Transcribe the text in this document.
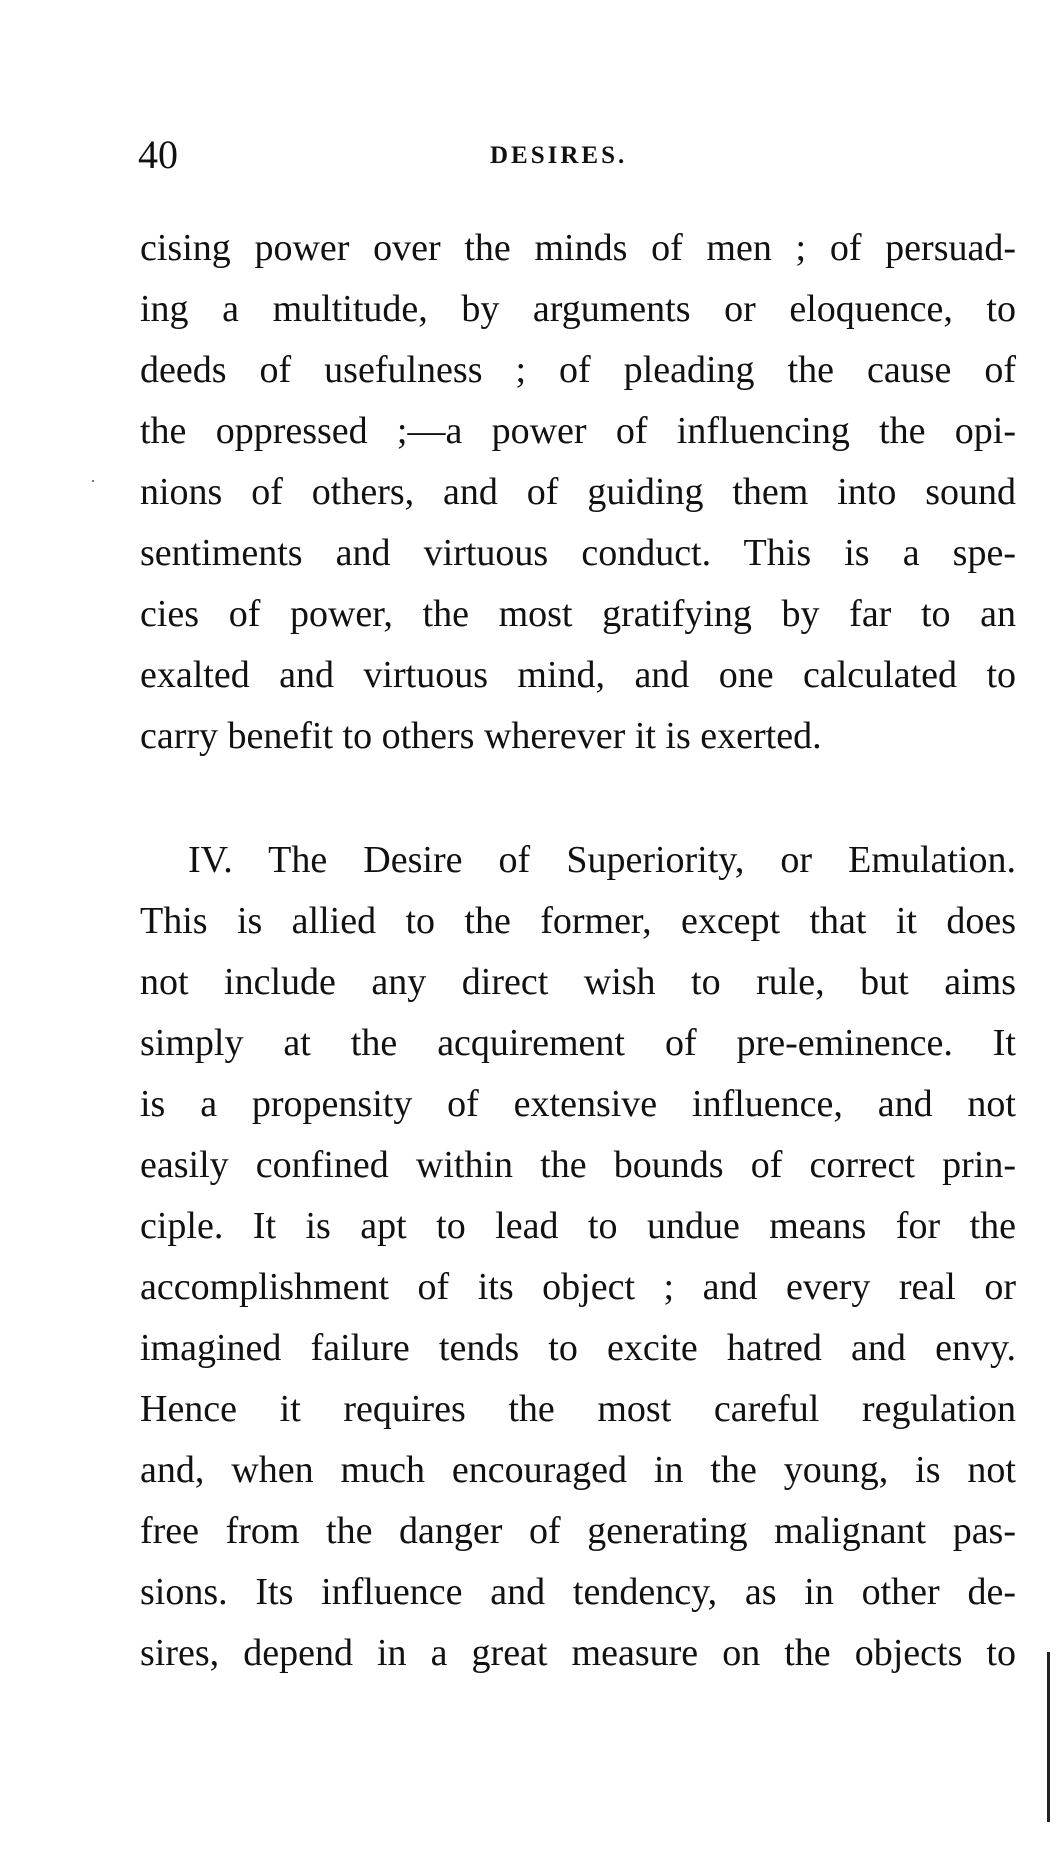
40	DESIRES.
cising power over the minds of men ; of persuad-
ing a multitude, by arguments or eloquence, to
deeds of usefulness ; of pleading the cause of
the oppressed ;—a power of influencing the opi-
nions of others, and of guiding them into sound
sentiments and virtuous conduct. This is a spe-
cies of power, the most gratifying by far to an
exalted and virtuous mind, and one calculated to
carry benefit to others wherever it is exerted.
IV. The Desire of Superiority, or Emulation.
This is allied to the former, except that it does
not include any direct wish to rule, but aims
simply at the acquirement of pre-eminence. It
is a propensity of extensive influence, and not
easily confined within the bounds of correct prin-
ciple. It is apt to lead to undue means for the
accomplishment of its object ; and every real or
imagined failure tends to excite hatred and envy.
Hence it requires the most careful regulation
and, when much encouraged in the young, is not
free from the danger of generating malignant pas-
sions. Its influence and tendency, as in other de-
sires, depend in a great measure on the objects to
